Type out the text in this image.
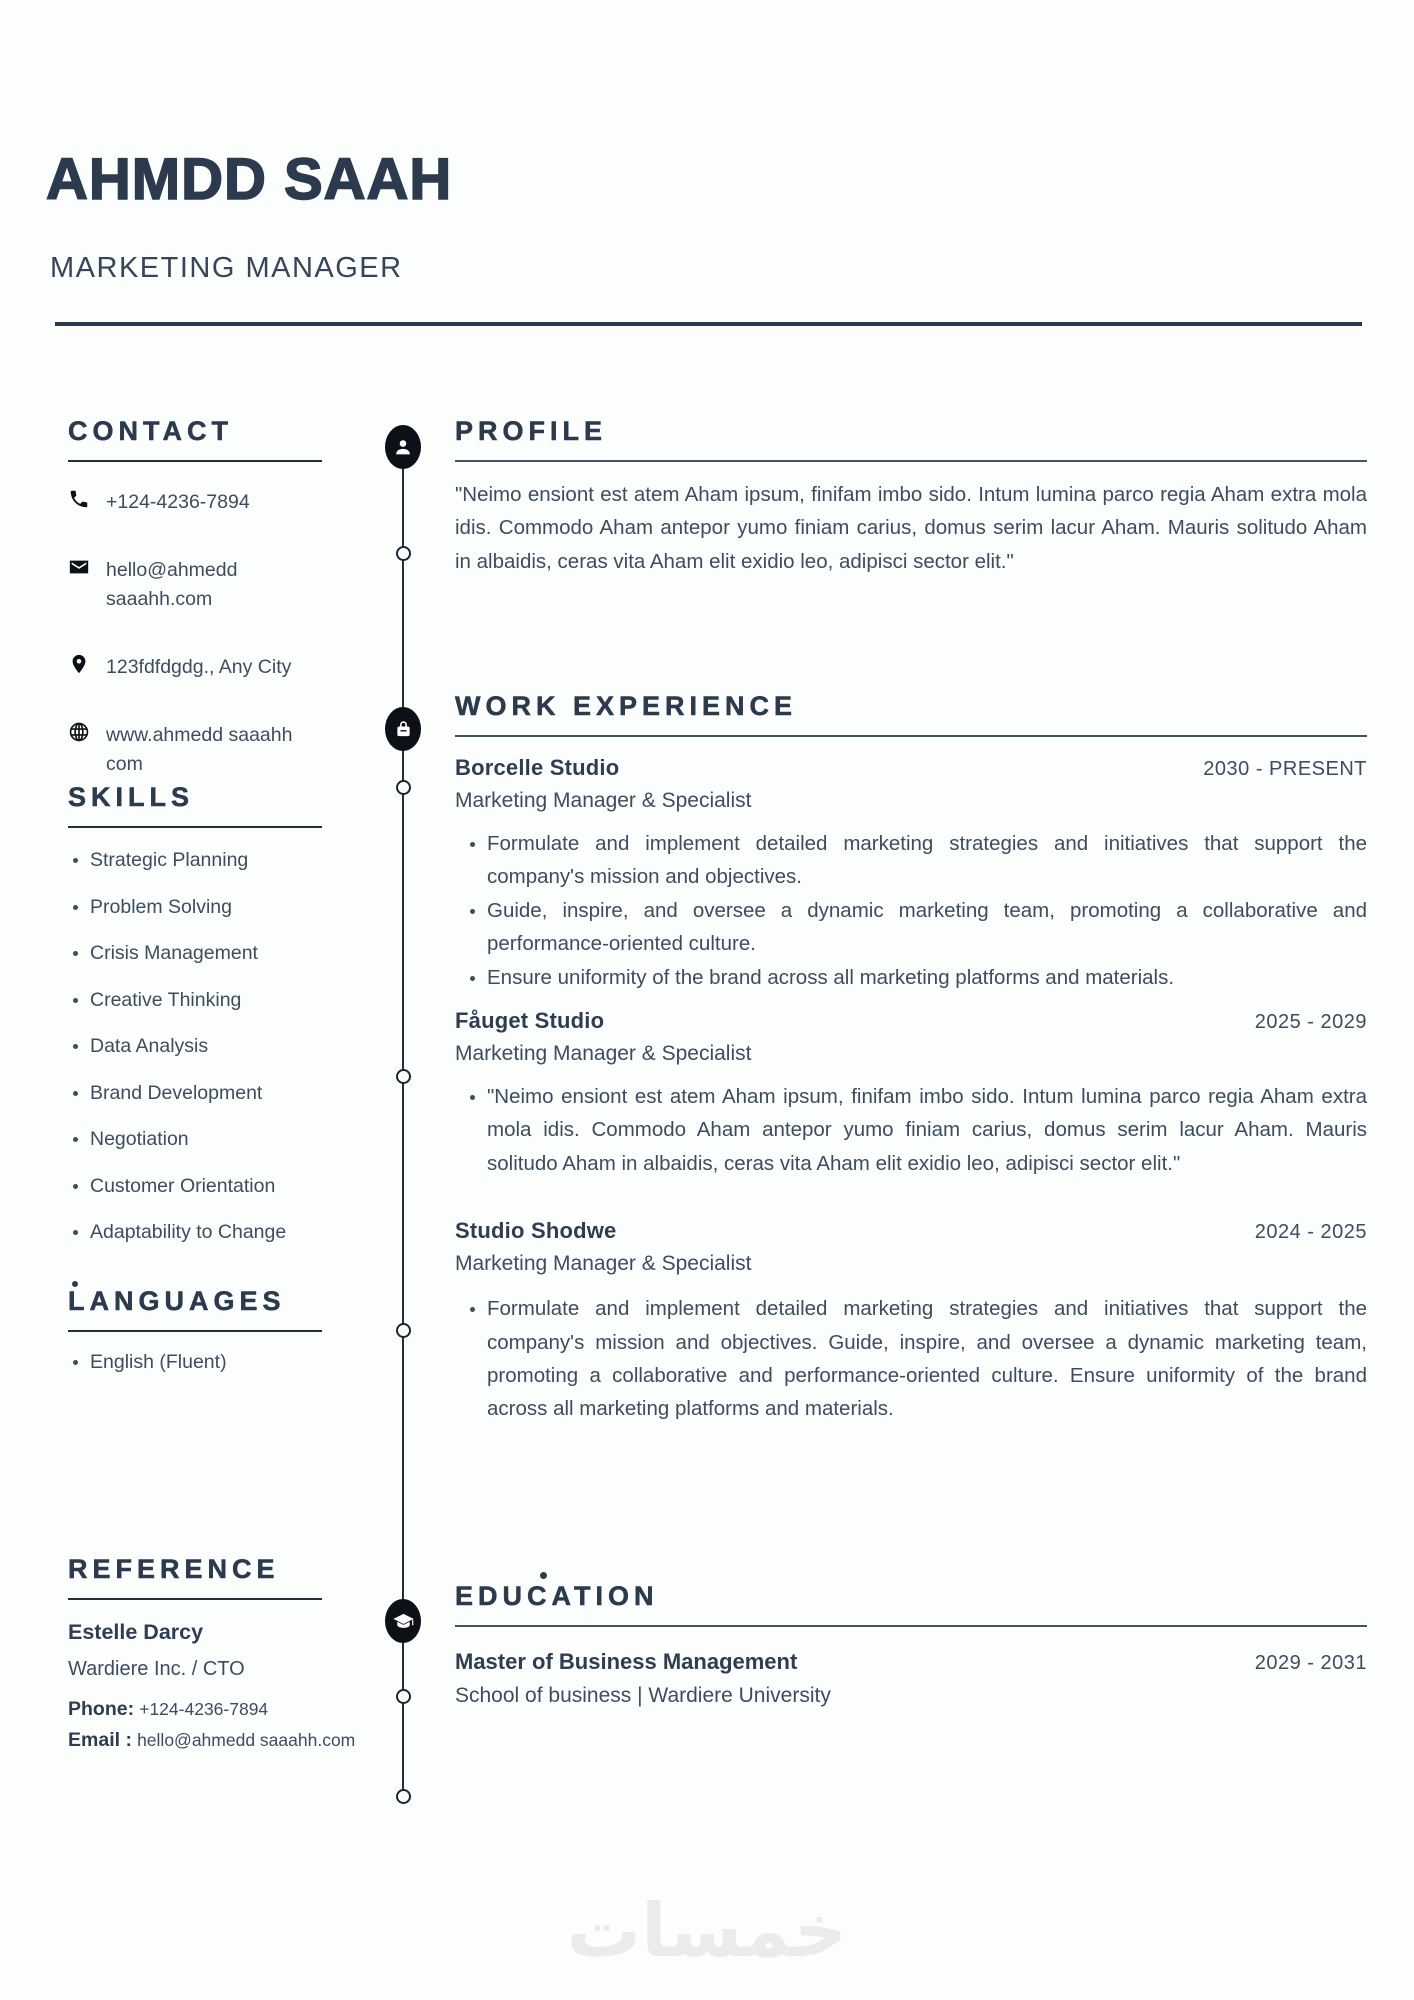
AHMDD SAAH
MARKETING MANAGER
CONTACT
+124-4236-7894
hello@ahmedd saaahh.com
123fdfdgdg., Any City
www.ahmedd saaahh com
SKILLS
• Strategic Planning
• Problem Solving
• Crisis Management
• Creative Thinking
• Data Analysis
• Brand Development
• Negotiation
• Customer Orientation
• Adaptability to Change
LANGUAGES
• English (Fluent)
REFERENCE
Estelle Darcy
Wardiere Inc. / CTO
Phone: +124-4236-7894
Email : hello@ahmedd saaahh.com
PROFILE
"Neimo ensiont est atem Aham ipsum, finifam imbo sido. Intum lumina parco regia Aham extra mola idis. Commodo Aham antepor yumo finiam carius, domus serim lacur Aham. Mauris solitudo Aham in albaidis, ceras vita Aham elit exidio leo, adipisci sector elit."
WORK EXPERIENCE
Borcelle Studio	2030 - PRESENT
Marketing Manager & Specialist
• Formulate and implement detailed marketing strategies and initiatives that support the company's mission and objectives.
• Guide, inspire, and oversee a dynamic marketing team, promoting a collaborative and performance-oriented culture.
• Ensure uniformity of the brand across all marketing platforms and materials.
Fåuget Studio	2025 - 2029
Marketing Manager & Specialist
• "Neimo ensiont est atem Aham ipsum, finifam imbo sido. Intum lumina parco regia Aham extra mola idis. Commodo Aham antepor yumo finiam carius, domus serim lacur Aham. Mauris solitudo Aham in albaidis, ceras vita Aham elit exidio leo, adipisci sector elit."
Studio Shodwe	2024 - 2025
Marketing Manager & Specialist
• Formulate and implement detailed marketing strategies and initiatives that support the company's mission and objectives. Guide, inspire, and oversee a dynamic marketing team, promoting a collaborative and performance-oriented culture. Ensure uniformity of the brand across all marketing platforms and materials.
EDUCATION
Master of Business Management	2029 - 2031
School of business | Wardiere University
خمسات
